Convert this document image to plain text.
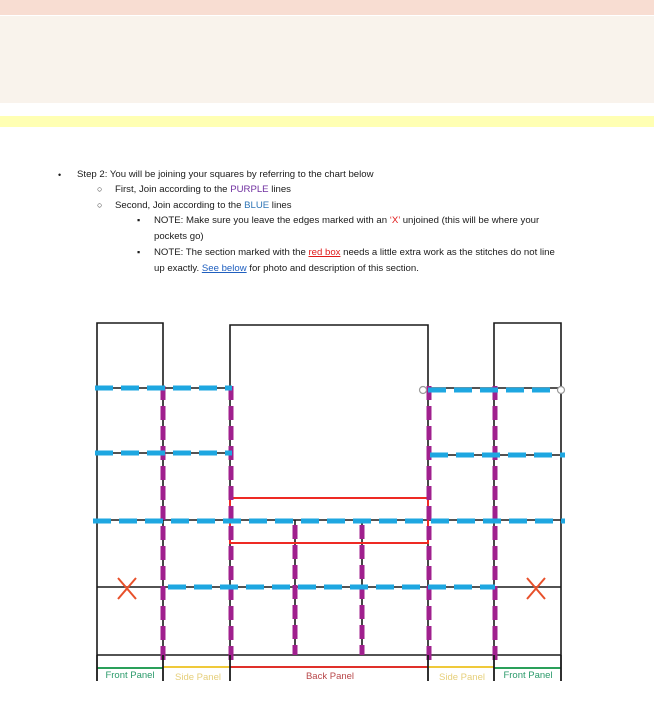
• Step 2: You will be joining your squares by referring to the chart below
○ First, Join according to the PURPLE lines
○ Second, Join according to the BLUE lines
▪ NOTE: Make sure you leave the edges marked with an ‘X’ unjoined (this will be where your
pockets go)
▪ NOTE: The section marked with the red box needs a little extra work as the stitches do not line
up exactly. See below for photo and description of this section.
Front Panel Side Panel	Back Panel	Side Panel Front Panel
